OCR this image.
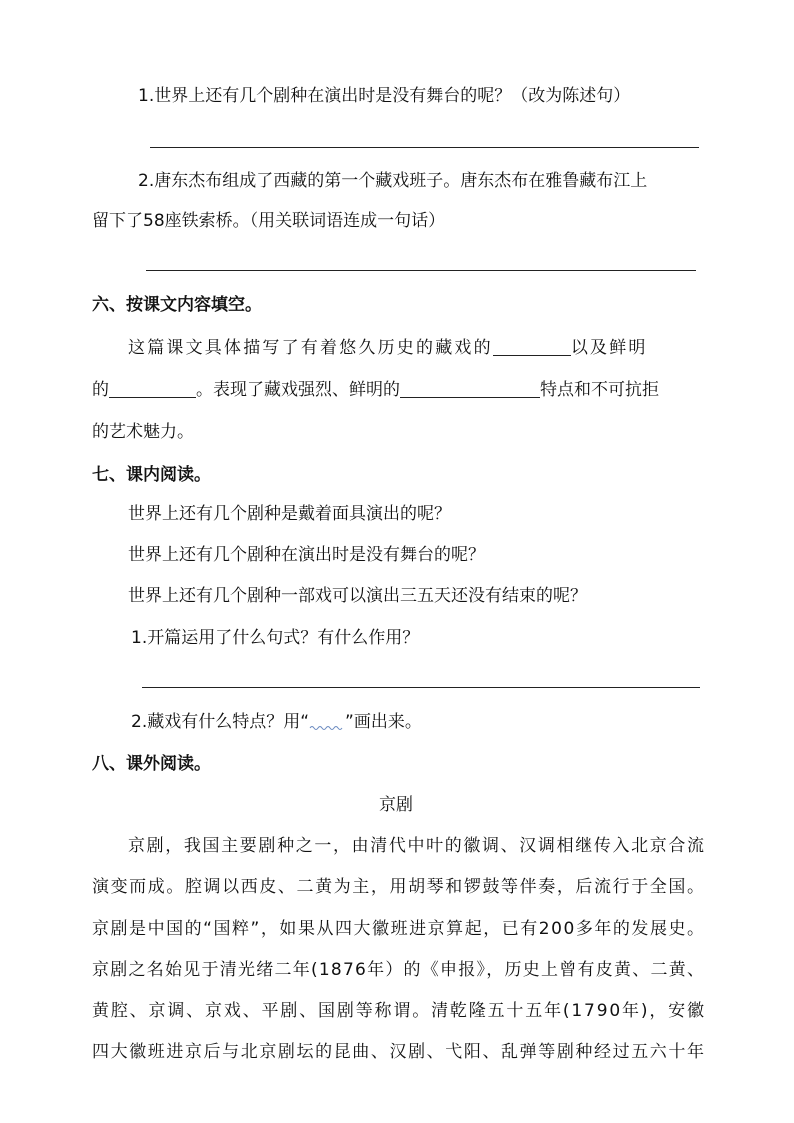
1.世界上还有几个剧种在演出时是没有舞台的呢？（改为陈述句）
2.唐东杰布组成了西藏的第一个藏戏班子。唐东杰布在雅鲁藏布江上
留下了58座铁索桥。（用关联词语连成一句话）
六、按课文内容填空。
这篇课文具体描写了有着悠久历史的藏戏的	以及鲜明
的	。表现了藏戏强烈、鲜明的	特点和不可抗拒
的艺术魅力。
七、课内阅读。
世界上还有几个剧种是戴着面具演出的呢？
世界上还有几个剧种在演出时是没有舞台的呢？
世界上还有几个剧种一部戏可以演出三五天还没有结束的呢？
1.开篇运用了什么句式？有什么作用？
2.藏戏有什么特点？用“ ”画出来。
八、课外阅读。
京剧
京剧，我国主要剧种之一，由清代中叶的徽调、汉调相继传入北京合流
演变而成。腔调以西皮、二黄为主，用胡琴和锣鼓等伴奏，后流行于全国。
京剧是中国的“国粹”，如果从四大徽班进京算起，已有200多年的发展史。
京剧之名始见于清光绪二年(1876年）的《申报》，历史上曾有皮黄、二黄、
黄腔、京调、京戏、平剧、国剧等称谓。清乾隆五十五年(1790年)，安徽
四大徽班进京后与北京剧坛的昆曲、汉剧、弋阳、乱弹等剧种经过五六十年
